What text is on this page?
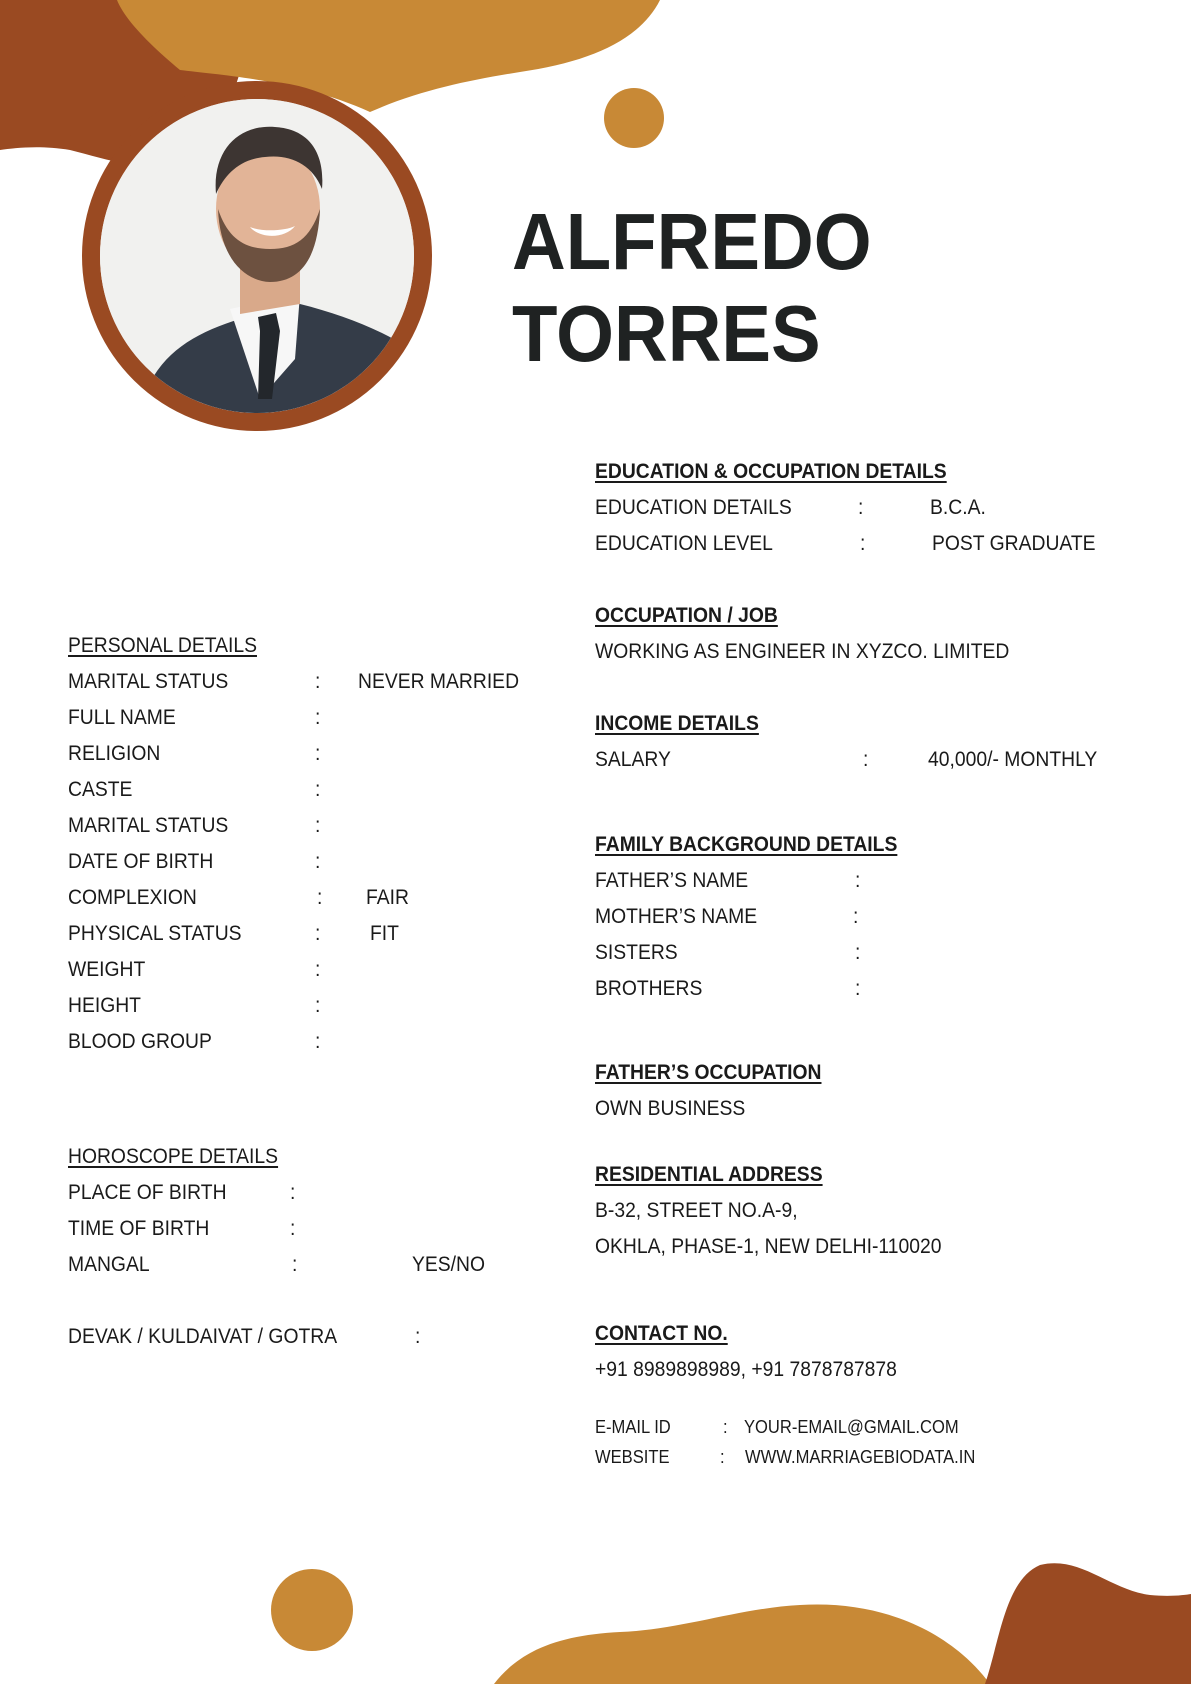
ALFREDO
TORRES
PERSONAL DETAILS
MARITAL STATUS	: NEVER MARRIED
FULL NAME	:
RELIGION	:
CASTE	:
MARITAL STATUS	:
DATE OF BIRTH	:
COMPLEXION	: FAIR
PHYSICAL STATUS	: FIT
WEIGHT	:
HEIGHT	:
BLOOD GROUP	:
HOROSCOPE DETAILS
PLACE OF BIRTH	:
TIME OF BIRTH	:
MANGAL	:	YES/NO
DEVAK / KULDAIVAT / GOTRA	:
EDUCATION & OCCUPATION DETAILS
EDUCATION DETAILS	:	B.C.A.
EDUCATION LEVEL	:	POST GRADUATE
OCCUPATION / JOB
WORKING AS ENGINEER IN XYZCO. LIMITED
INCOME DETAILS
SALARY	:	40,000/- MONTHLY
FAMILY BACKGROUND DETAILS
FATHER’S NAME	:
MOTHER’S NAME	:
SISTERS	:
BROTHERS	:
FATHER’S OCCUPATION
OWN BUSINESS
RESIDENTIAL ADDRESS
B-32, STREET NO.A-9,
OKHLA, PHASE-1, NEW DELHI-110020
CONTACT NO.
+91 8989898989, +91 7878787878
E-MAIL ID	: YOUR-EMAIL@GMAIL.COM
WEBSITE	: WWW.MARRIAGEBIODATA.IN
